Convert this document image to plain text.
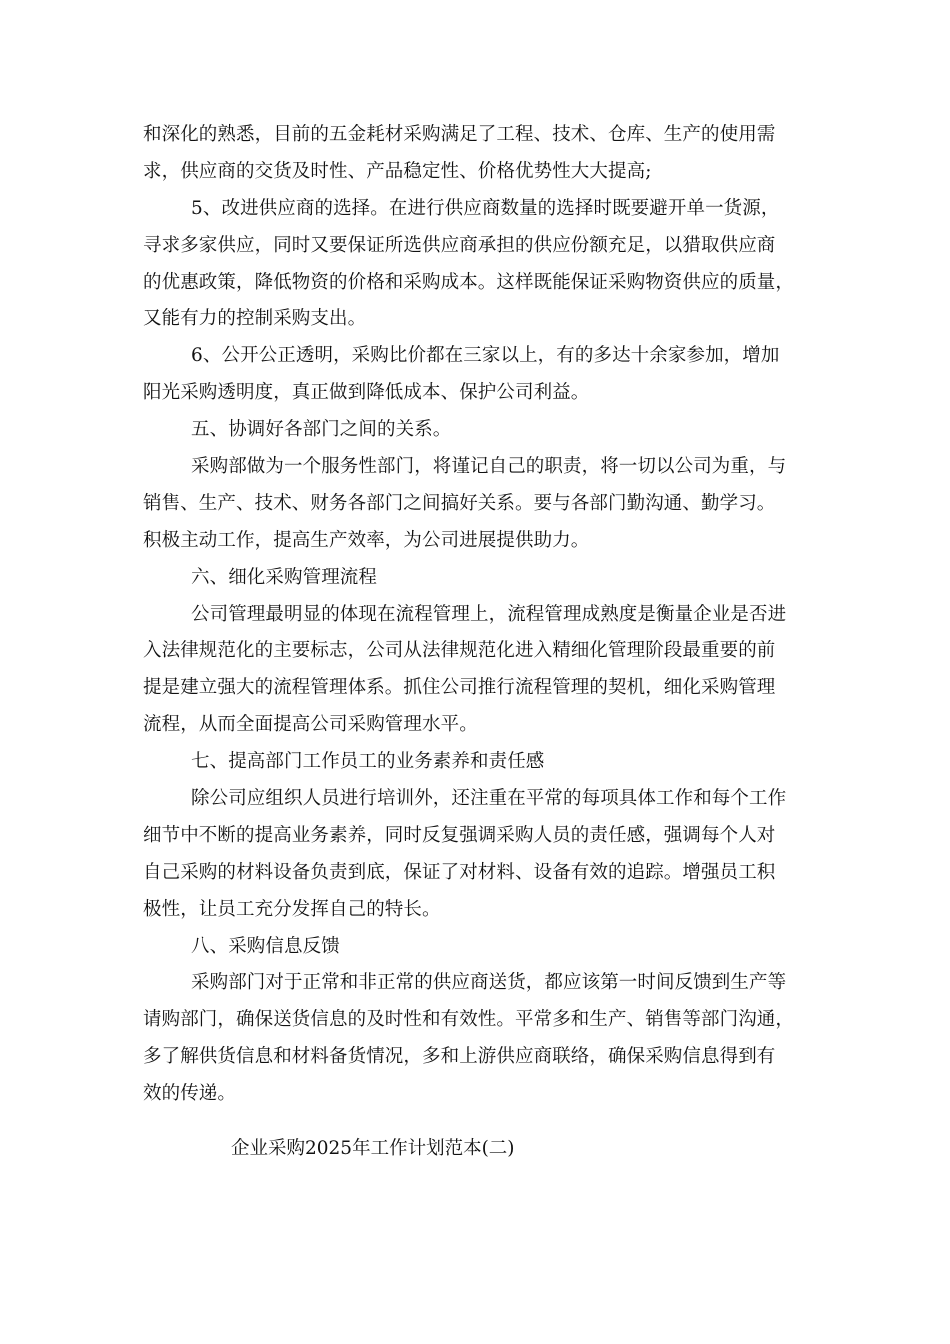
和深化的熟悉，目前的五金耗材采购满足了工程、技术、仓库、生产的使用需
求，供应商的交货及时性、产品稳定性、价格优势性大大提高;
5、改进供应商的选择。在进行供应商数量的选择时既要避开单一货源，
寻求多家供应，同时又要保证所选供应商承担的供应份额充足，以猎取供应商
的优惠政策，降低物资的价格和采购成本。这样既能保证采购物资供应的质量，
又能有力的控制采购支出。
6、公开公正透明，采购比价都在三家以上，有的多达十余家参加，增加
阳光采购透明度，真正做到降低成本、保护公司利益。
五、协调好各部门之间的关系。
采购部做为一个服务性部门，将谨记自己的职责，将一切以公司为重，与
销售、生产、技术、财务各部门之间搞好关系。要与各部门勤沟通、勤学习。
积极主动工作，提高生产效率，为公司进展提供助力。
六、细化采购管理流程
公司管理最明显的体现在流程管理上，流程管理成熟度是衡量企业是否进
入法律规范化的主要标志，公司从法律规范化进入精细化管理阶段最重要的前
提是建立强大的流程管理体系。抓住公司推行流程管理的契机，细化采购管理
流程，从而全面提高公司采购管理水平。
七、提高部门工作员工的业务素养和责任感
除公司应组织人员进行培训外，还注重在平常的每项具体工作和每个工作
细节中不断的提高业务素养，同时反复强调采购人员的责任感，强调每个人对
自己采购的材料设备负责到底，保证了对材料、设备有效的追踪。增强员工积
极性，让员工充分发挥自己的特长。
八、采购信息反馈
采购部门对于正常和非正常的供应商送货，都应该第一时间反馈到生产等
请购部门，确保送货信息的及时性和有效性。平常多和生产、销售等部门沟通，
多了解供货信息和材料备货情况，多和上游供应商联络，确保采购信息得到有
效的传递。
企业采购2025年工作计划范本(二)
